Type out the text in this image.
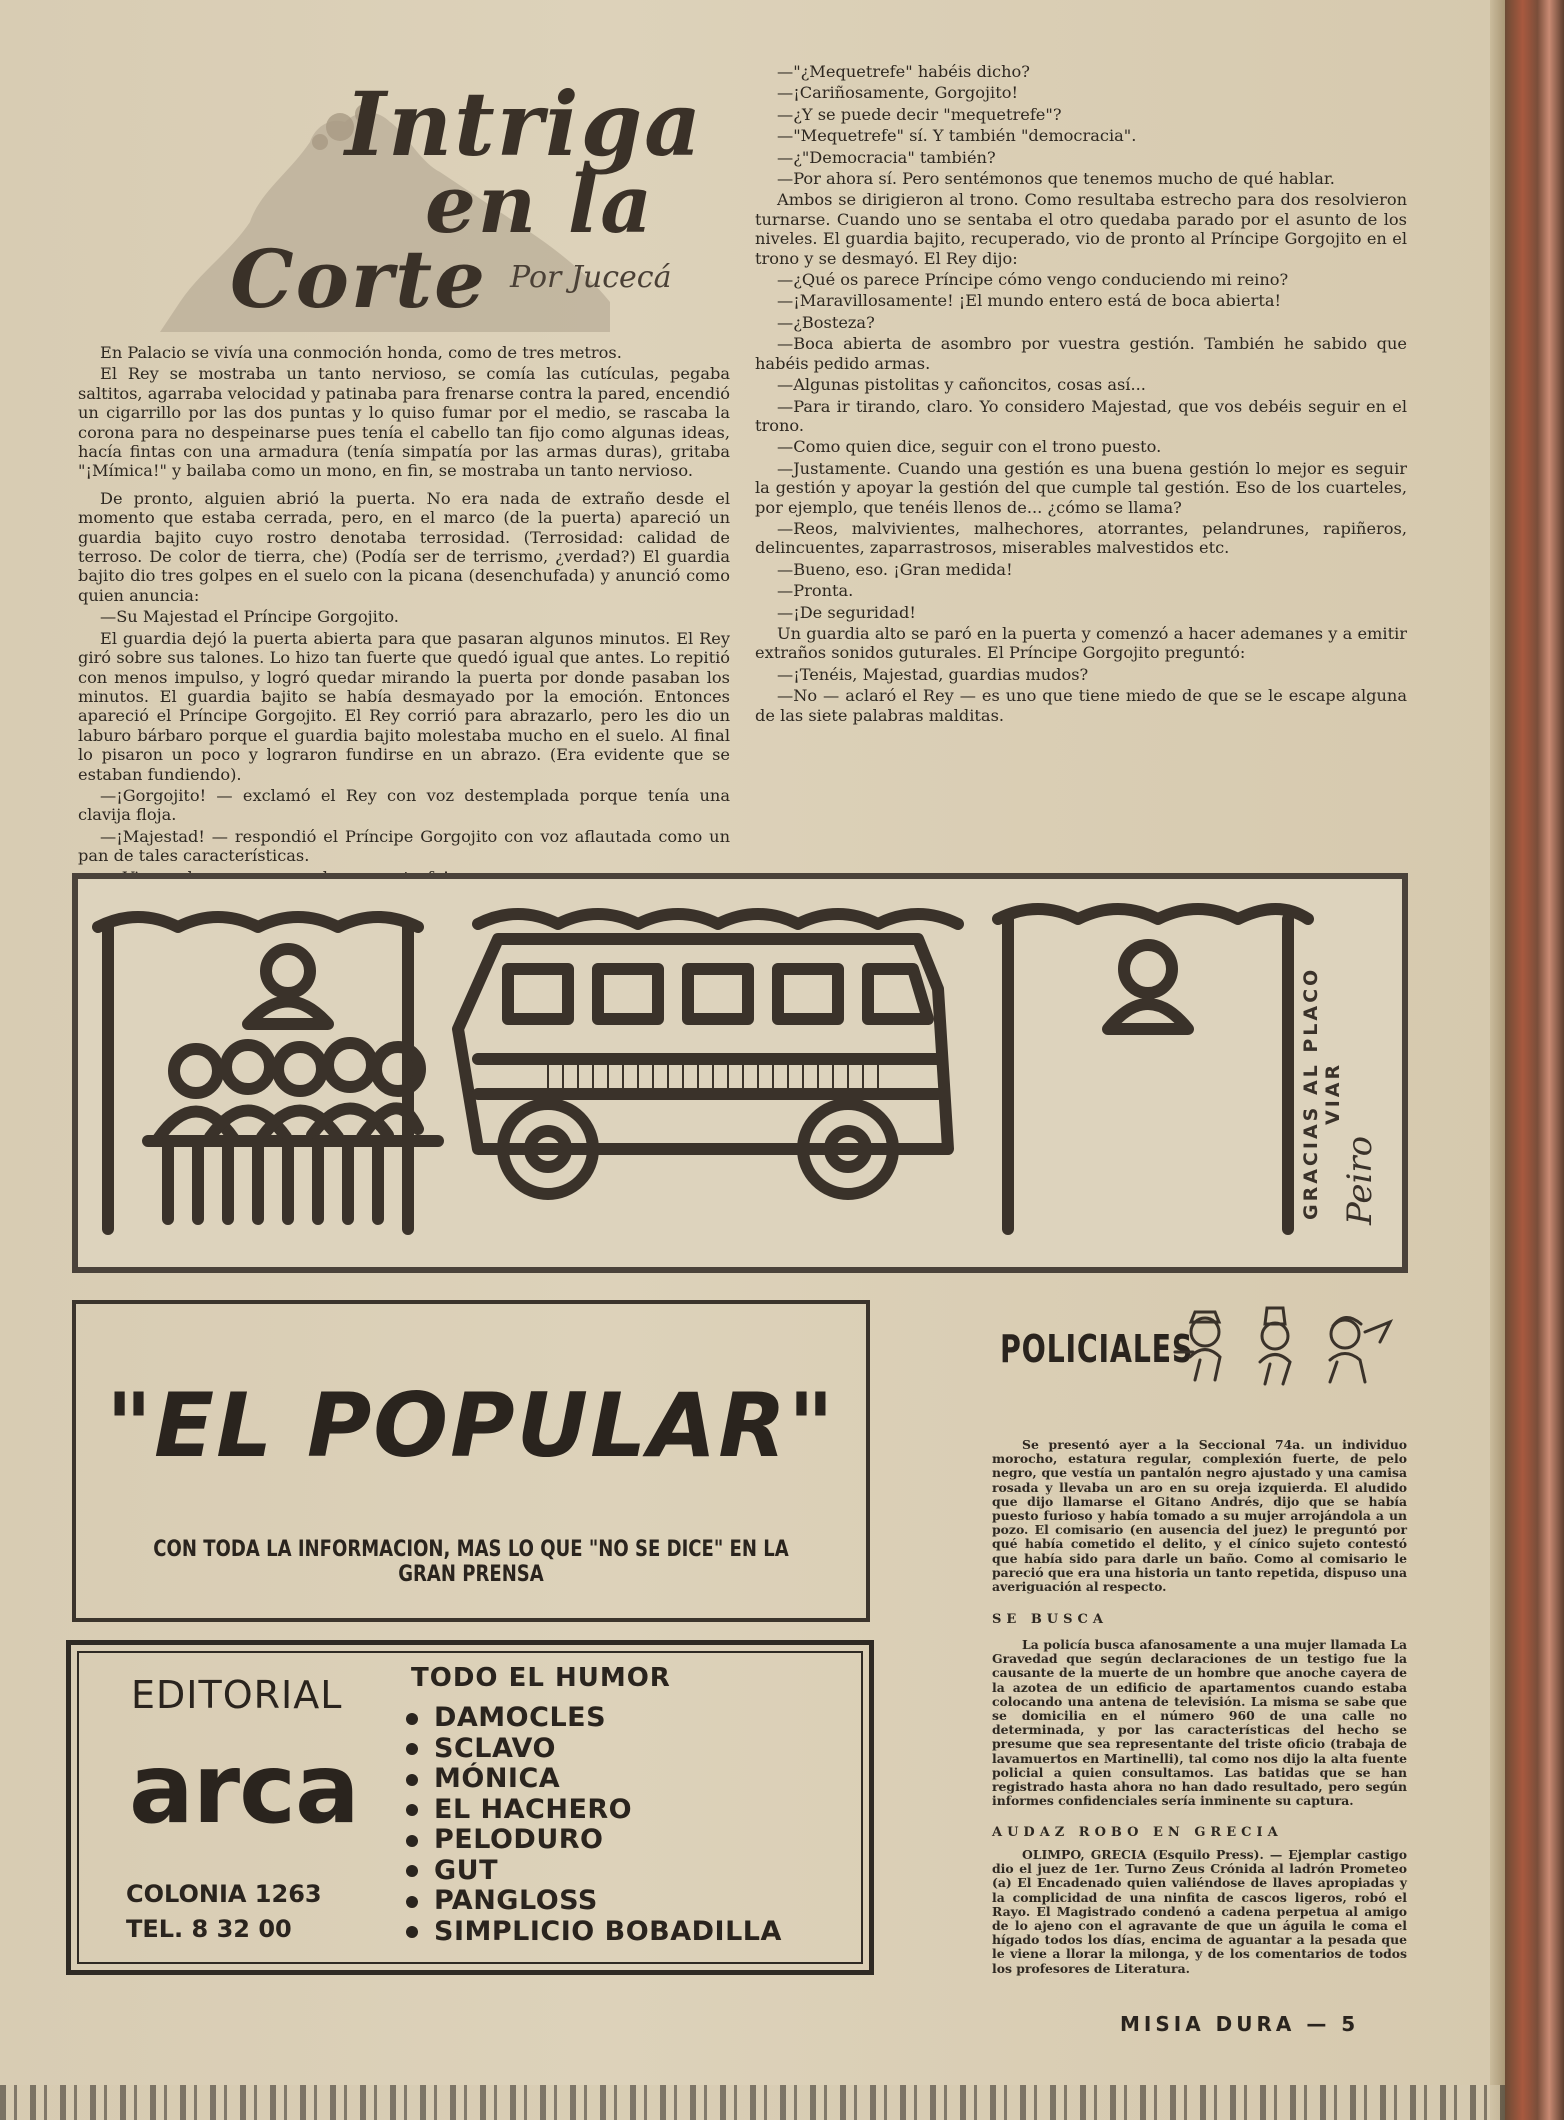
Intriga
en la
Corte Por Jucecá

En Palacio se vivía una conmoción honda, como de tres metros.

El Rey se mostraba un tanto nervioso, se comía las cutículas, pegaba saltitos, agarraba velocidad y patinaba para frenarse contra la pared, encendió un cigarrillo por las dos puntas y lo quiso fumar por el medio, se rascaba la corona para no despeinarse pues tenía el cabello tan fijo como algunas ideas, hacía fintas con una armadura (tenía simpatía por las armas duras), gritaba "¡Mímica!" y bailaba como un mono, en fin, se mostraba un tanto nervioso.

De pronto, alguien abrió la puerta. No era nada de extraño desde el momento que estaba cerrada, pero, en el marco (de la puerta) apareció un guardia bajito cuyo rostro denotaba terrosidad. (Terrosidad: calidad de terroso. De color de tierra, che) (Podía ser de terrismo, ¿verdad?) El guardia bajito dio tres golpes en el suelo con la picana (desenchufada) y anunció como quien anuncia:

—Su Majestad el Príncipe Gorgojito.

El guardia dejó la puerta abierta para que pasaran algunos minutos. El Rey giró sobre sus talones. Lo hizo tan fuerte que quedó igual que antes. Lo repitió con menos impulso, y logró quedar mirando la puerta por donde pasaban los minutos. El guardia bajito se había desmayado por la emoción. Entonces apareció el Príncipe Gorgojito. El Rey corrió para abrazarlo, pero les dio un laburo bárbaro porque el guardia bajito molestaba mucho en el suelo. Al final lo pisaron un poco y lograron fundirse en un abrazo. (Era evidente que se estaban fundiendo).

—¡Gorgojito! — exclamó el Rey con voz destemplada porque tenía una clavija floja.

—¡Majestad! — respondió el Príncipe Gorgojito con voz aflautada como un pan de tales características.

—"¿Mequetrefe" habéis dicho?

—¡Cariñosamente, Gorgojito!

—¿Y se puede decir "mequetrefe"?

—"Mequetrefe" sí. Y también "democracia".

—¿"Democracia" también?

—Por ahora sí. Pero sentémonos que tenemos mucho de qué hablar.

Ambos se dirigieron al trono. Como resultaba estrecho para dos resolvieron turnarse. Cuando uno se sentaba el otro quedaba parado por el asunto de los niveles. El guardia bajito, recuperado, vio de pronto al Príncipe Gorgojito en el trono y se desmayó. El Rey dijo:

—¿Qué os parece Príncipe cómo vengo conduciendo mi reino?

—¡Maravillosamente! ¡El mundo entero está de boca abierta!

—¿Bosteza?

—Boca abierta de asombro por vuestra gestión. También he sabido que habéis pedido armas.

—Algunas pistolitas y cañoncitos, cosas así...

—Para ir tirando, claro. Yo considero Majestad, que vos debéis seguir en el trono.

—Como quien dice, seguir con el trono puesto.

—Justamente. Cuando una gestión es una buena gestión lo mejor es seguir la gestión y apoyar la gestión del que cumple tal gestión. Eso de los cuarteles, por ejemplo, que tenéis llenos de... ¿cómo se llama?

—Reos, malvivientes, malhechores, atorrantes, pelandrunes, rapiñeros, delincuentes, zaparrastrosos, miserables malvestidos etc.

—Bueno, eso. ¡Gran medida!

—Pronta.

—¡De seguridad!

Un guardia alto se paró en la puerta y comenzó a hacer ademanes y a emitir extraños sonidos guturales. El Príncipe Gorgojito preguntó:

—¡Tenéis, Majestad, guardias mudos?

—No — aclaró el Rey — es uno que tiene miedo de que se le escape alguna de las siete palabras malditas.

GRACIAS AL PLACO VIAR
Peiro
"EL POPULAR"
CON TODA LA INFORMACION, MAS LO QUE "NO SE DICE" EN LA GRAN PRENSA
EDITORIAL
arca
COLONIA 1263
TEL. 8 32 00
TODO EL HUMOR
DAMOCLES
SCLAVO
MÓNICA
EL HACHERO
PELODURO
GUT
PANGLOSS
SIMPLICIO BOBADILLA
POLICIALES

Se presentó ayer a la Seccional 74a. un individuo morocho, estatura regular, complexión fuerte, de pelo negro, que vestía un pantalón negro ajustado y una camisa rosada y llevaba un aro en su oreja izquierda. El aludido que dijo llamarse el Gitano Andrés, dijo que se había puesto furioso y había tomado a su mujer arrojándola a un pozo. El comisario (en ausencia del juez) le preguntó por qué había cometido el delito, y el cínico sujeto contestó que había sido para darle un baño. Como al comisario le pareció que era una historia un tanto repetida, dispuso una averiguación al respecto.

SE BUSCA

La policía busca afanosamente a una mujer llamada La Gravedad que según declaraciones de un testigo fue la causante de la muerte de un hombre que anoche cayera de la azotea de un edificio de apartamentos cuando estaba colocando una antena de televisión. La misma se sabe que se domicilia en el número 960 de una calle no determinada, y por las características del hecho se presume que sea representante del triste oficio (trabaja de lavamuertos en Martinelli), tal como nos dijo la alta fuente policial a quien consultamos. Las batidas que se han registrado hasta ahora no han dado resultado, pero según informes confidenciales sería inminente su captura.

AUDAZ ROBO EN GRECIA

OLIMPO, GRECIA (Esquilo Press). — Ejemplar castigo dio el juez de 1er. Turno Zeus Crónida al ladrón Prometeo (a) El Encadenado quien valiéndose de llaves apropiadas y la complicidad de una ninfita de cascos ligeros, robó el Rayo. El Magistrado condenó a cadena perpetua al amigo de lo ajeno con el agravante de que un águila le coma el hígado todos los días, encima de aguantar a la pesada que le viene a llorar la milonga, y de los comentarios de todos los profesores de Literatura.

MISIA DURA — 5
